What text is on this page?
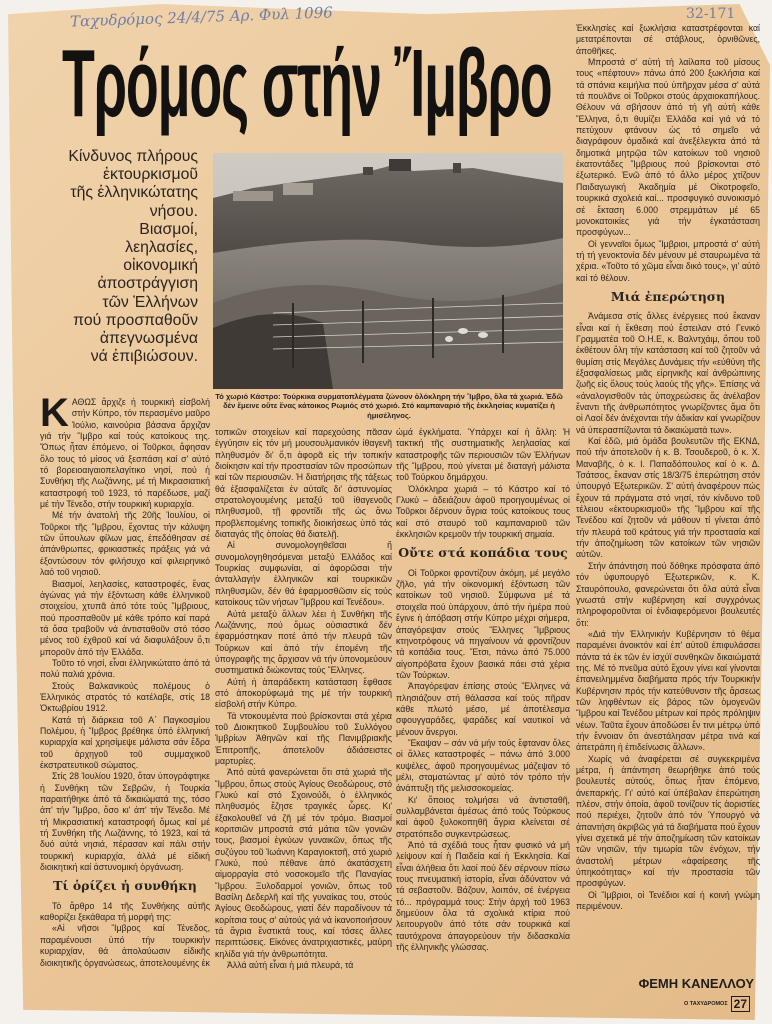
Ταχυδρόμος 24/4/75 Αρ. Φυλ 1096	32-171
Τρόμος στήν Ἴμβρο
Κίνδυνος πλήρους
ἐκτουρκισμοῦ
τῆς ἑλληνικώτατης
νήσου.
Βιασμοί,
λεηλασίες,
οἰκονομική
ἀποστράγγιση
τῶν Ἑλλήνων
πού προσπαθοῦν
ἀπεγνωσμένα
νά ἐπιβιώσουν.
Τό χωριό Κάστρο: Τούρκικα συρματοπλέγματα ζώνουν ὁλόκληρη τήν Ἴμβρο, ὅλα τά χωριά. Ἐδῶ δέν ἔμεινε οὔτε ἕνας κάτοικος Ρωμιός στό χωριό. Στό καμπαναριό τῆς ἐκκλησίας κυματίζει ἡ ἡμισέληνος.
Κ ΑΘΩΣ ἄρχιζε ἡ τουρκική εἰσβολή στήν Κύπρο, τόν περασμένο μαῦρο Ἰούλιο, καινούρια βάσανα ἄρχιζαν γιά τήν Ἴμβρο καί τούς κατοίκους της. Ὅπως ἦταν ἐπόμενο, οἱ Τοῦρκοι, ἄφησαν ὅλο τους τό μίσος νά ξεσπάση καί σ' αὐτό τό βορειοαιγαιοπελαγίτικο νησί, πού ἡ Συνθήκη τῆς Λωζάννης, μέ τή Μικρασιατική καταστροφή τοῦ 1923, τό παρέδωσε, μαζί μέ τήν Τένεδο, στήν τουρκική κυριαρχία.

Μέ τήν ἀνατολή τῆς 20ῆς Ἰουλίου, οἱ Τοῦρκοι τῆς Ἴμβρου, ἔχοντας τήν κάλυψη τῶν ὕπουλων φίλων μας, ἐπεδόθησαν σέ ἀπάνθρωπες, φρικιαστικές πράξεις γιά νά ἐξοντώσουν τόν φιλήσυχο καί φιλειρηνικό λαό τοῦ νησιοῦ.

Βιασμοί, λεηλασίες, καταστροφές, ἕνας ἀγώνας γιά τήν ἐξόντωση κάθε ἑλληνικοῦ στοιχείου, χτυπᾶ ἀπό τότε τούς Ἴμβριους, πού προσπαθοῦν μέ κάθε τρόπο καί παρά τά ὅσα τραβοῦν νά ἀντισταθοῦν στό τόσο μένος τοῦ ἐχθροῦ καί νά διαφυλάξουν ὅ,τι μποροῦν ἀπό τήν Ἑλλάδα.

Τοῦτο τό νησί, εἶναι ἑλληνικώτατο ἀπό τά πολύ παλιά χρόνια.

Στούς Βαλκανικούς πολέμους ὁ Ἑλληνικός στρατός τό κατέλαβε, στίς 18 Ὀκτωβρίου 1912.

Κατά τή διάρκεια τοῦ Α΄ Παγκοσμίου Πολέμου, ἡ Ἴμβρος βρέθηκε ὑπό ἑλληνική κυριαρχία καί χρησίμεψε μάλιστα σάν ἕδρα τοῦ ἀρχηγοῦ τοῦ συμμαχικοῦ ἐκστρατευτικοῦ σώματος.

Στίς 28 Ἰουλίου 1920, ὅταν ὑπογράφτηκε ἡ Συνθήκη τῶν Σεβρῶν, ἡ Τουρκία παραιτήθηκε ἀπό τά δικαιώματά της, τόσο ἀπ' τήν Ἴμβρο, ὅσο κι' ἀπ' τήν Τένεδο. Μέ τή Μικρασιατική καταστροφή ὅμως καί μέ τή Συνθήκη τῆς Λωζάννης, τό 1923, καί τά δυό αὐτά νησιά, πέρασαν καί πάλι στήν τουρκική κυριαρχία, ἀλλά μέ εἰδική διοικητική καί ἀστυνομική ὀργάνωση.

Τί ὁρίζει ἡ συνθήκη

Τό ἄρθρο 14 τῆς Συνθήκης αὐτῆς καθορίζει ξεκάθαρα τή μορφή της:

«Αἱ νῆσοι Ἴμβρος καί Τένεδος, παραμένουσι ὑπό τήν τουρκικήν κυριαρχίαν, θά ἀπολαύωσιν εἰδικῆς διοικητικῆς ὀργανώσεως, ἀποτελουμένης ἐκ

τοπικῶν στοιχείων καί παρεχούσης πᾶσαν ἐγγύησιν εἰς τόν μή μουσουλμανικόν ἰθαγενῆ πληθυσμόν δι' ὅ,τι ἀφορᾶ εἰς τήν τοπικήν διοίκησιν καί τήν προστασίαν τῶν προσώπων καί τῶν περιουσιῶν. Ἡ διατήρησις τῆς τάξεως θά ἐξασφαλίζεται ἐν αὐταῖς δι' ἀστυνομίας στρατολογουμένης μεταξύ τοῦ ἰθαγενοῦς πληθυσμοῦ, τῇ φροντίδι τῆς ὡς ἄνω προβλεπομένης τοπικῆς διοικήσεως ὑπό τάς διαταγάς τῆς ὁποίας θά διατελῇ.

Αἱ συνομολογηθεῖσαι ἤ συνομολογηθησόμεναι μεταξύ Ἑλλάδος καί Τουρκίας συμφωνίαι, αἱ ἀφορῶσαι τήν ἀνταλλαγήν ἑλληνικῶν καί τουρκικῶν πληθυσμῶν, δέν θά ἐφαρμοσθῶσιν εἰς τούς κατοίκους τῶν νήσων Ἴμβρου καί Τενέδου».

Αὐτά μεταξύ ἄλλων λέει ἡ Συνθήκη τῆς Λωζάννης, πού ὅμως οὐσιαστικά δέν ἐφαρμόστηκαν ποτέ ἀπό τήν πλευρά τῶν Τούρκων καί ἀπό τήν ἐπομένη τῆς ὑπογραφῆς της ἄρχισαν νά τήν ὑπονομεύουν συστηματικά διώκοντας τούς Ἕλληνες.

Αὐτή ἡ ἀπαράδεκτη κατάσταση ἔφθασε στό ἀποκορύφωμά της μέ τήν τουρκική εἰσβολή στήν Κύπρο.

Τά ντοκουμέντα πού βρίσκονται στά χέρια τοῦ Διοικητικοῦ Συμβουλίου τοῦ Συλλόγου Ἰμβρίων Ἀθηνῶν καί τῆς Πανιμβριακῆς Ἐπιτροπῆς, ἀποτελοῦν ἀδιάσειστες μαρτυρίες.

Ἀπό αὐτά φανερώνεται ὅτι στά χωριά τῆς Ἴμβρου, ὅπως στούς Ἁγίους Θεοδώρους, στό Γλυκύ καί στό Σχοινούδι, ὁ ἑλληνικός πληθυσμός ἔζησε τραγικές ὧρες. Κι' ἐξακολουθεῖ νά ζῆ μέ τόν τρόμο. Βιασμοί κοριτσιῶν μπροστά στά μάτια τῶν γονιῶν τους, βιασμοί ἐγκύων γυναικῶν, ὅπως τῆς συζύγου τοῦ Ἰωάννη Καραγιοκτσῆ, στό χωριό Γλυκύ, πού πέθανε ἀπό ἀκατάσχετη αἱμορραγία στό νοσοκομεῖο τῆς Παναγίας Ἴμβρου. Ξυλοδαρμοί γονιῶν, ὅπως τοῦ Βασίλη Δεδερλῆ καί τῆς γυναίκας του, στούς Ἁγίους Θεοδώρους, γιατί δέν παραδίνουν τά κορίτσια τους σ' αὐτούς γιά νά ἱκανοποιήσουν τά ἄγρια ἔνστικτά τους, καί τόσες ἄλλες περιπτώσεις. Εἰκόνες ἀνατριχιαστικές, μαύρη κηλίδα γιά τήν ἀνθρωπότητα.

Ἀλλά αὐτή εἶναι ἡ μιά πλευρά, τά

ὠμά ἐγκλήματα. Ὑπάρχει καί ἡ ἄλλη: Ἡ τακτική τῆς συστηματικῆς λεηλασίας καί καταστροφῆς τῶν περιουσιῶν τῶν Ἑλλήνων τῆς Ἴμβρου, πού γίνεται μέ διαταγή μάλιστα τοῦ Τούρκου δημάρχου.

Ὁλόκληρα χωριά – τό Κάστρο καί τό Γλυκύ – ἀδειάζουν ἀφοῦ προηγουμένως οἱ Τοῦρκοι δέρνουν ἄγρια τούς κατοίκους τους καί στό σταυρό τοῦ καμπαναριοῦ τῶν ἐκκλησιῶν κρεμοῦν τήν τουρκική σημαία.

Οὔτε στά κοπάδια τους

Οἱ Τοῦρκοι φροντίζουν ἀκόμη, μέ μεγάλο ζῆλο, γιά τήν οἰκονομική ἐξόντωση τῶν κατοίκων τοῦ νησιοῦ. Σύμφωνα μέ τά στοιχεῖα πού ὑπάρχουν, ἀπό τήν ἡμέρα πού ἔγινε ἡ ἀπόβαση στήν Κύπρο μέχρι σήμερα, ἀπαγόρεψαν στούς Ἕλληνες Ἴμβριους κτηνοτρόφους νά πηγαίνουν νά φροντίζουν τά κοπάδια τους. Ἔτσι, πάνω ἀπό 75.000 αἰγοπρόβατα ἔχουν βασικά πάει στά χέρια τῶν Τούρκων.

Ἀπαγόρεψαν ἐπίσης στούς Ἕλληνες νά πλησιάζουν στή θάλασσα καί τούς πῆραν κάθε πλωτό μέσο, μέ ἀποτέλεσμα σφουγγαράδες, ψαράδες καί ναυτικοί νά μένουν ἄνεργοι.

Ἔκαψαν – σάν νά μήν τούς ἔφταναν ὅλες οἱ ἄλλες καταστροφές – πάνω ἀπό 3.000 κυψέλες, ἀφοῦ προηγουμένως μάζεψαν τό μέλι, σταματώντας μ' αὐτό τόν τρόπο τήν ἀνάπτυξη τῆς μελισσοκομείας.

Κι' ὅποιος τολμήσει νά ἀντισταθῆ, συλλαμβάνεται ἀμέσως ἀπό τούς Τούρκους καί ἀφοῦ ξυλοκοπηθῆ ἄγρια κλείνεται σέ στρατόπεδο συγκεντρώσεως.

Ἀπό τά σχέδιά τους ἦταν φυσικό νά μή λείψουν καί ἡ Παιδεία καί ἡ Ἐκκλησία. Καί εἶναι ἀλήθεια ὅτι λαοί πού δέν σέρνουν πίσω τους πνευματική ἱστορία, εἶναι ἀδύνατον νά τά σεβαστοῦν. Βάζουν, λοιπόν, σέ ἐνέργεια τό... πρόγραμμά τους: Στήν ἀρχή τοῦ 1963 δημεύουν ὅλα τά σχολικά κτίρια πού λειτουργοῦν ἀπό τότε σάν τουρκικά καί ταυτόχρονα ἀπαγορεύουν τήν διδασκαλία τῆς ἑλληνικῆς γλώσσας.

Ἐκκλησίες καί ξωκλήσια καταστρέφονται καί μετατρέπονται σέ στάβλους, ὀρνιθῶνες, ἀποθῆκες.

Μπροστά σ' αὐτή τή λαίλαπα τοῦ μίσους τους «πέφτουν» πάνω ἀπό 200 ξωκλήσια καί τά σπάνια κειμήλια πού ὑπῆρχαν μέσα σ' αὐτά τά πουλᾶνε οἱ Τοῦρκοι στούς ἀρχαιοκαπήλους. Θέλουν νά σβήσουν ἀπό τή γῆ αὐτή κάθε Ἕλληνα, ὅ,τι θυμίζει Ἑλλάδα καί γιά νά τό πετύχουν φτάνουν ὡς τό σημεῖο νά διαγράφουν ὁμαδικά καί ἀνεξέλεγκτα ἀπό τά δημοτικά μητρῷα τῶν κατοίκων τοῦ νησιοῦ ἑκατοντάδες Ἴμβριους πού βρίσκονται στό ἐξωτερικό. Ἐνῶ ἀπό τό ἄλλο μέρος χτίζουν Παιδαγωγική Ἀκαδημία μέ Οἰκοτροφεῖο, τουρκικά σχολειά καί... προσφυγικό συνοικισμό σέ ἔκταση 6.000 στρεμμάτων μέ 65 μονοκατοικίες γιά τήν ἐγκατάσταση προσφύγων...

Οἱ γενναῖοι ὅμως Ἴμβριοι, μπροστά σ' αὐτή τή τή γενοκτονία δέν μένουν μέ σταυρωμένα τά χέρια. «Τοῦτο τό χῶμα εἶναι δικό τους», γι' αὐτό καί τό θέλουν.

Μιά ἐπερώτηση

Ἀνάμεσα στίς ἄλλες ἐνέργειες πού ἔκαναν εἶναι καί ἡ ἔκθεση πού ἔστειλαν στό Γενικό Γραμματέα τοῦ Ο.Η.Ε, κ. Βαλντχάιμ, ὅπου τοῦ ἐκθέτουν ὅλη τήν κατάσταση καί τοῦ ζητοῦν νά θυμίση στίς Μεγάλες Δυνάμεις τήν «εὐθύνη τῆς ἐξασφαλίσεως μιᾶς εἰρηνικῆς καί ἀνθρώπινης ζωῆς εἰς ὅλους τούς λαούς τῆς γῆς». Ἐπίσης νά «ἀναλογισθοῦν τάς ὑποχρεώσεις ἅς ἀνέλαβον ἔναντι τῆς ἀνθρωπότητος γνωρίζοντες ἅμα ὅτι οἱ Λαοί δέν ἀνέχονται τήν ἀδικίαν καί γνωρίζουν νά ὑπερασπίζωνται τά δικαιώματά των».

Καί ἐδῶ, μιά ὁμάδα βουλευτῶν τῆς ΕΚΝΔ, πού τήν ἀποτελοῦν ἡ κ. Β. Τσουδεροῦ, ὁ κ. Χ. Μαναβῆς, ὁ κ. Ι. Παπαδόπουλος καί ὁ κ. Δ. Τσάτσος, ἔκαναν στίς 18/3/75 ἐπερώτηση στόν ὑπουργό Ἐξωτερικῶν. Σ' αὐτή ἀναφέρουν πώς ἔχουν τά πράγματα στό νησί, τόν κίνδυνο τοῦ τέλειου «ἐκτουρκισμοῦ» τῆς Ἴμβρου καί τῆς Τενέδου καί ζητοῦν νά μάθουν τί γίνεται ἀπό τήν πλευρά τοῦ κράτους γιά τήν προστασία καί τήν ἀποζημίωση τῶν κατοίκων τῶν νησιῶν αὐτῶν.

Στήν ἀπάντηση πού δόθηκε πρόσφατα ἀπό τόν ὑφυπουργό Ἐξωτερικῶν, κ. Κ. Σταυρόπουλο, φανερώνεται ὅτι ὅλα αὐτά εἶναι γνωστά στήν κυβέρνηση καί συγχρόνως πληροφοροῦνται οἱ ἐνδιαφερόμενοι βουλευτές ὅτι:

«Διά τήν Ἑλληνικήν Κυβέρνησιν τό θέμα παραμένει ἀνοικτόν καί ἐπ' αὐτοῦ ἐπιφυλάσσει πάντα τά ἐκ τῶν ἐν ἰσχύϊ συνθηκῶν δικαιώματά της. Μέ τό πνεῦμα αὐτό ἔχουν γίνει καί γίνονται ἐπανειλημμένα διαβήματα πρός τήν Τουρκικήν Κυβέρνησιν πρός τήν κατεύθυνσιν τῆς ἄρσεως τῶν ληφθέντων εἰς βάρος τῶν ὁμογενῶν Ἴμβρου καί Τενέδου μέτρων καί πρός πρόληψιν νέων. Ταῦτα ἔχουν ἀποδώσει ἔν τινι μέτρῳ ὑπό τήν ἔννοιαν ὅτι ἀνεστάλησαν μέτρα τινά καί ἀπετράπη ἡ ἐπιδείνωσις ἄλλων».

Χωρίς νά ἀναφέρεται σέ συγκεκριμένα μέτρα, ἡ ἀπάντηση θεωρήθηκε ἀπό τούς βουλευτές αὐτούς, ὅπως ἦταν ἐπόμενο, ἀνεπαρκής. Γι' αὐτό καί ὑπέβαλαν ἐπερώτηση πλέον, στήν ὁποία, ἀφοῦ τονίζουν τίς ἀοριστίες πού περιέχει, ζητοῦν ἀπό τόν Ὑπουργό νά ἀπαντήση ἀκριβῶς γιά τά διαβήματα πού ἔχουν γίνει σχετικά μέ τήν ἀποζημίωση τῶν κατοίκων τῶν νησιῶν, τήν τιμωρία τῶν ἐνόχων, τήν ἀναστολή μέτρων «ἀφαίρεσης τῆς ὑπηκοότητας» καί τήν προστασία τῶν προσφύγων.

Οἱ Ἴμβριοι, οἱ Τενέδιοι καί ἡ κοινή γνώμη περιμένουν.

ΦΕΜΗ ΚΑΝΕΛΛΟΥ
Ο ΤΑΧΥΔΡΟΜΟΣ 27
